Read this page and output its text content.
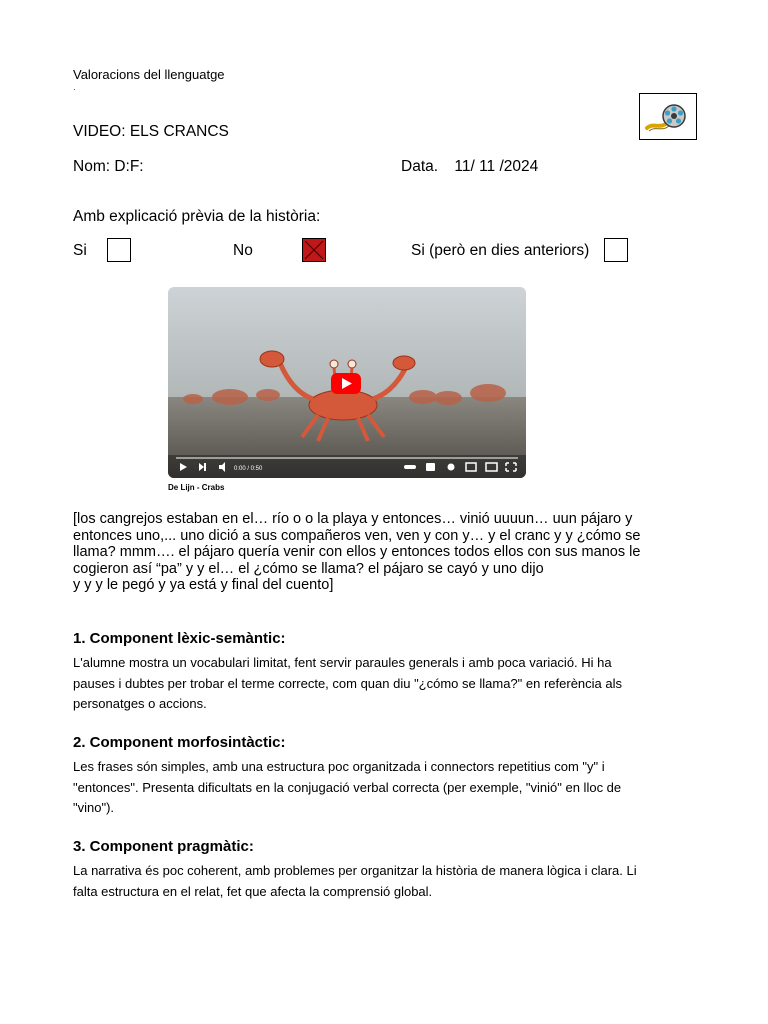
Valoracions del llenguatge
·
VIDEO: ELS CRANCS
Nom: D:F:	Data. 11/ 11 /2024
Amb explicació prèvia de la història:
Si	No	Si (però en dies anteriors)
0:00 / 0:50
De Lijn - Crabs
[los cangrejos estaban en el… río o o la playa y entonces… vinió uuuun… uun pájaro y
entonces uno,... uno dició a sus compañeros ven, ven y con y… y el cranc y y ¿cómo se
llama? mmm…. el pájaro quería venir con ellos y entonces todos ellos con sus manos le
cogieron así “pa” y y el… el ¿cómo se llama? el pájaro se cayó y uno dijo
y y y le pegó y ya está y final del cuento]
1. Component lèxic-semàntic:
L'alumne mostra un vocabulari limitat, fent servir paraules generals i amb poca variació. Hi ha
pauses i dubtes per trobar el terme correcte, com quan diu "¿cómo se llama?" en referència als
personatges o accions.
2. Component morfosintàctic:
Les frases són simples, amb una estructura poc organitzada i connectors repetitius com "y" i
"entonces". Presenta dificultats en la conjugació verbal correcta (per exemple, "vinió" en lloc de
"vino").
3. Component pragmàtic:
La narrativa és poc coherent, amb problemes per organitzar la història de manera lògica i clara. Li
falta estructura en el relat, fet que afecta la comprensió global.
